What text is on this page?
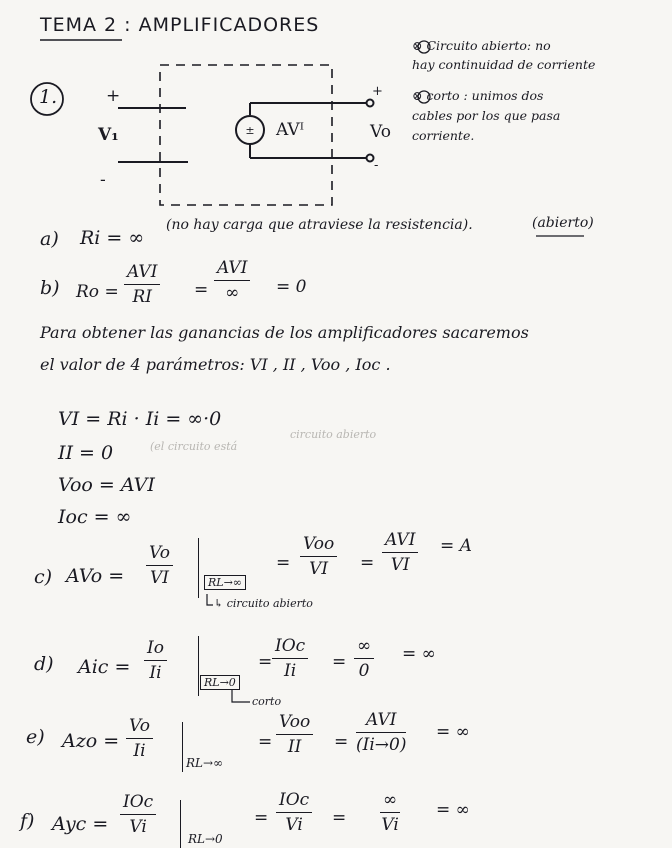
±
TEMA 2 : AMPLIFICADORES
1.	+
V₁
-
AVᴵ
+
Vo
-
⊗ Circuito abierto: no
hay continuidad de corriente
⊗ corto : unimos dos
cables por los que pasa
corriente.
a) Ri = ∞
(no hay carga que atraviese la resistencia).	(abierto)
b) Ro =
AVI
RI	=
AVI
∞	= 0
Para obtener las ganancias de los amplificadores sacaremos
el valor de 4 parámetros: VI , II , Voo , Ioc .
VI = Ri · Ii = ∞·0
II = 0	(el circuito está
circuito abierto
Voo = AVI
Ioc = ∞
c) AVo = $\frac{Vo}{VI}$	RL→∞
↳ circuito abierto
=
Voo
VI	=
AVI
VI
= A
d) Aic = $\frac{Io}{Ii}$	RL→0
corto
=
IOc
Ii	=
∞
0
= ∞
e) Azo = $\frac{Vo}{Ii}$
RL→∞
=
Voo
II	=
AVI
(Ii→0)
= ∞
f) Ayc =
IOc
Vi
RL→0
=
IOc
Vi	=
∞
Vi
= ∞
